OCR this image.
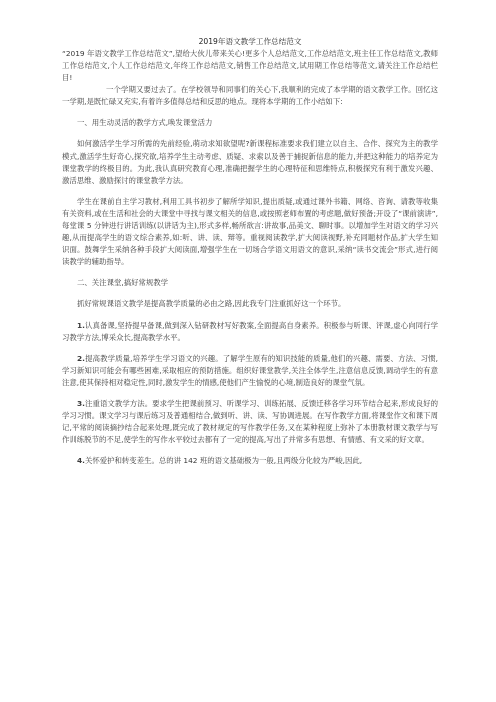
2019年语文教学工作总结范文

“2019 年语文教学工作总结范文”,望给大伙儿带来关心!更多个人总结范文,工作总结范文,班主任工作总结范文,教师工作总结范文,个人工作总结范文,年终工作总结范文,销售工作总结范文,试用期工作总结等范文,请关注工作总结栏目!

一个学期又要过去了。在学校领导和同事们的关心下,我顺利的完成了本学期的语文教学工作。回忆这一学期,是既忙碌又充实,有着许多值得总结和反思的地点。现将本学期的工作小结如下:

一、用生动灵活的教学方式,唤发课堂活力

如何激活学生学习所需的先前经验,萌动求知欲望呢?新课程标准要求我们建立以自主、合作、探究为主的教学模式,激活学生好奇心,探究欲,培养学生主动考虑、质疑、求索以及善于捕捉新信息的能力,并把这种能力的培养定为课堂教学的终极目的。为此,我认真研究教育心理,准确把握学生的心理特征和思维特点,积极探究有利于激发兴趣、激活思维、激励探讨的课堂教学方法。

学生在课前自主学习教材,利用工具书初步了解所学知识,提出质疑,或通过课外书籍、网络、咨询、请教等收集有关资料,或在生活和社会的大课堂中寻找与课文相关的信息,或按照老师布置的考虑题,做好预备;开设了“课前演讲”,每堂课 5 分钟进行讲话训练(以讲话为主),形式多样,畅所欲言:讲故事,品美文、聊时事。以增加学生对语文的学习兴趣,从而提高学生的语文综合素养,如:听、讲、读、辩等。重视阅读教学,扩大阅读视野,补充同题材作品,扩大学生知识面。鼓舞学生采纳各种手段扩大阅读面,增强学生在一切场合学语文用语文的意识,采纳“读书交流会”形式,进行阅读教学的辅助指导。

二、关注课堂,搞好常规教学

抓好常规课语文教学是提高教学质量的必由之路,因此我专门注重抓好这一个环节。

1.认真备课,坚持提早备课,做到深入钻研教材写好教案,全面提高自身素养。积极参与听课、评课,虚心向同行学习教学方法,博采众长,提高教学水平。

2.提高教学质量,培养学生学习语文的兴趣。了解学生原有的知识技能的质量,他们的兴趣、需要、方法、习惯,学习新知识可能会有哪些困难,采取相应的预防措施。组织好课堂教学,关注全体学生,注意信息反馈,调动学生的有意注意,使其保持相对稳定性,同时,激发学生的情感,使他们产生愉悦的心境,制造良好的课堂气氛。

3.注重语文教学方法。要求学生把课前预习、听课学习、训练拓展、反馈迁移各学习环节结合起来,形成良好的学习习惯。课文学习与课后练习及普通相结合,做到听、讲、读、写协调进展。在写作教学方面,将课堂作文和课下周记,平常的阅读摘抄结合起来处理,既完成了教材规定的写作教学任务,又在某种程度上弥补了本册教材课文教学与写作训练脱节的不足,使学生的写作水平较过去都有了一定的提高,写出了并常多有思想、有情感、有文采的好文章。

4.关怀爱护和转变差生。总的讲 142 班的语文基础极为一般,且两级分化较为严峻,因此,
